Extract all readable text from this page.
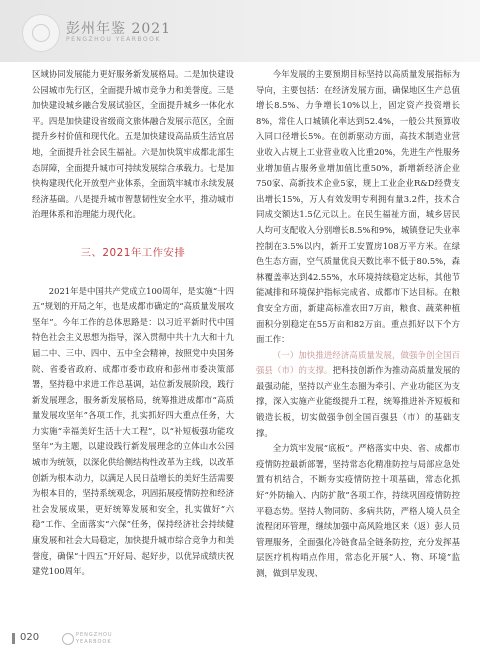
彭州年鉴 2021
PENGZHOU YEARBOOK

区域协同发展能力更好服务新发展格局。二是加快建设公园城市先行区，全面提升城市竞争力和美誉度。三是加快建设城乡融合发展试验区，全面提升城乡一体化水平。四是加快建设省级商文旅体融合发展示范区，全面提升乡村价值和现代化。五是加快建设高品质生活宜居地，全面提升社会民生福祉。六是加快筑牢成都北部生态屏障，全面提升城市可持续发展综合承载力。七是加快构建现代化开放型产业体系，全面筑牢城市永续发展经济基础。八是提升城市智慧韧性安全水平，推动城市治理体系和治理能力现代化。

三、2021年工作安排

2021年是中国共产党成立100周年，是实施“十四五”规划的开局之年，也是成都市确定的“高质量发展攻坚年”。今年工作的总体思路是：以习近平新时代中国特色社会主义思想为指导，深入贯彻中共十九大和十九届二中、三中、四中、五中全会精神，按照党中央国务院、省委省政府、成都市委市政府和彭州市委决策部署，坚持稳中求进工作总基调，站位新发展阶段，践行新发展理念，服务新发展格局，统筹推进成都市“高质量发展攻坚年”各项工作，扎实抓好四大重点任务，大力实施“幸福美好生活十大工程”，以“补短板强功能攻坚年”为主题，以建设践行新发展理念的立体山水公园城市为统领，以深化供给侧结构性改革为主线，以改革创新为根本动力，以满足人民日益增长的美好生活需要为根本目的，坚持系统观念，巩固拓展疫情防控和经济社会发展成果，更好统筹发展和安全，扎实做好“六稳”工作、全面落实“六保”任务，保持经济社会持续健康发展和社会大局稳定，加快提升城市综合竞争力和美誉度，确保“十四五”开好局、起好步，以优异成绩庆祝建党100周年。

今年发展的主要预期目标坚持以高质量发展指标为导向，主要包括：在经济发展方面，确保地区生产总值增长8.5%、力争增长10%以上，固定资产投资增长8%，常住人口城镇化率达到52.4%，一般公共预算收入同口径增长5%。在创新驱动方面，高技术制造业营业收入占规上工业营业收入比重20%，先进生产性服务业增加值占服务业增加值比重50%，新增新经济企业750家、高新技术企业5家，规上工业企业R&D经费支出增长15%，万人有效发明专利拥有量3.2件，技术合同成交额达1.5亿元以上。在民生福祉方面，城乡居民人均可支配收入分别增长8.5%和9%，城镇登记失业率控制在3.5%以内，新开工安置房108万平方米。在绿色生态方面，空气质量优良天数比率不低于80.5%，森林覆盖率达到42.55%，水环境持续稳定达标，其他节能减排和环境保护指标完成省、成都市下达目标。在粮食安全方面，新建高标准农田7万亩，粮食、蔬菜种植面积分别稳定在55万亩和82万亩。重点抓好以下个方面工作：

（一）加快推进经济高质量发展，做强争创全国百强县（市）的支撑。把科技创新作为推动高质量发展的最强动能，坚持以产业生态圈为牵引、产业功能区为支撑，深入实施产业能级提升工程，统筹推进补齐短板和锻造长板，切实做强争创全国百强县（市）的基础支撑。

全力筑牢发展“底板”。严格落实中央、省、成都市疫情防控最新部署，坚持常态化精准防控与局部应急处置有机结合，不断夯实疫情防控十项基础，常态化抓好“外防输入、内防扩散”各项工作，持续巩固疫情防控平稳态势。坚持人物同防、多病共防，严格人境人员全流程闭环管理，继续加强中高风险地区来（返）彭人员管理服务，全面强化冷链食品全链条防控，充分发挥基层医疗机构哨点作用，常态化开展“人、物、环境”监测，做到早发现、

020	PENGZHOU
YEARBOOK
